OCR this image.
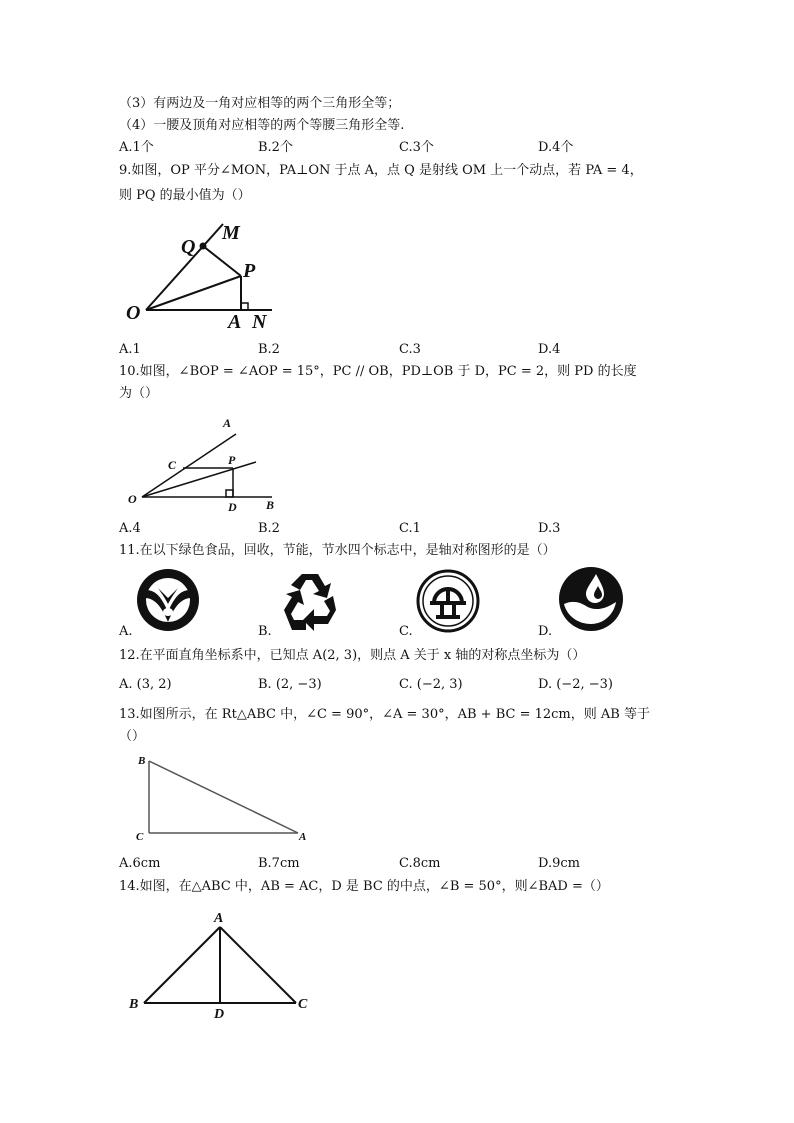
（3）有两边及一角对应相等的两个三角形全等；
（4）一腰及顶角对应相等的两个等腰三角形全等.
A.1个	B.2个	C.3个	D.4个
9.如图，OP 平分∠MON，PA⊥ON 于点 A，点 Q 是射线 OM 上一个动点，若 PA = 4，
则 PQ 的最小值为（）
O	A N
P
Q
M
A.1	B.2	C.3	D.4
10.如图，∠BOP = ∠AOP = 15°，PC // OB，PD⊥OB 于 D，PC = 2，则 PD 的长度
为（）
O
A
B
C	P
D
A.4	B.2	C.1	D.3
11.在以下绿色食品，回收，节能，节水四个标志中，是轴对称图形的是（）
A.	B.	C.	D.
12.在平面直角坐标系中，已知点 A(2, 3)，则点 A 关于 x 轴的对称点坐标为（）
A. (3, 2)	B. (2, −3)	C. (−2, 3)	D. (−2, −3)
13.如图所示，在 Rt△ABC 中，∠C = 90°，∠A = 30°，AB + BC = 12cm，则 AB 等于
（）
B
C	A
A.6cm	B.7cm	C.8cm	D.9cm
14.如图，在△ABC 中，AB = AC，D 是 BC 的中点，∠B = 50°，则∠BAD =（）
A
B	C
D
